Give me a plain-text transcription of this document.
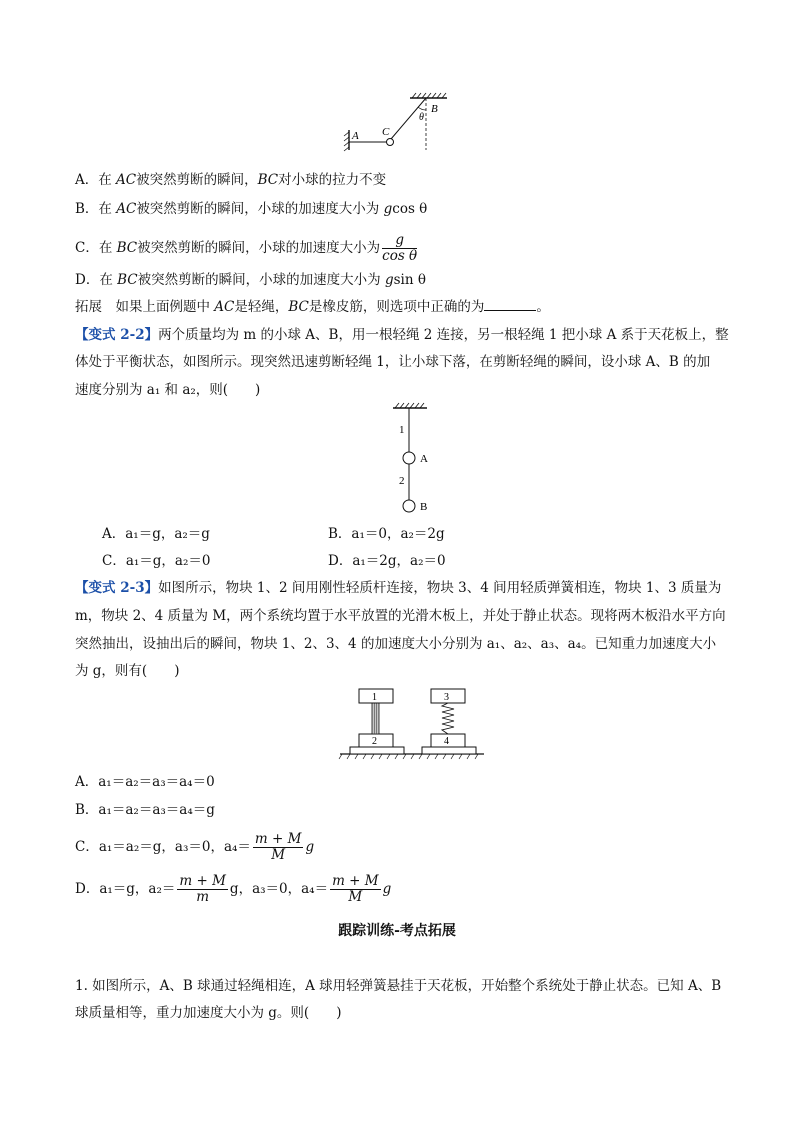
A C
B
θ
A．在 AC被突然剪断的瞬间，BC对小球的拉力不变
B．在 AC被突然剪断的瞬间，小球的加速度大小为 gcos θ
C．在 BC被突然剪断的瞬间，小球的加速度大小为 $\frac{g}{\text{cos θ}}$
D．在 BC被突然剪断的瞬间，小球的加速度大小为 gsin θ
拓展　如果上面例题中 AC是轻绳，BC是橡皮筋，则选项中正确的为	。
【变式 2-2】两个质量均为 m 的小球 A、B，用一根轻绳 2 连接，另一根轻绳 1 把小球 A 系于天花板上，整
体处于平衡状态，如图所示。现突然迅速剪断轻绳 1，让小球下落，在剪断轻绳的瞬间，设小球 A、B 的加
速度分别为 a₁ 和 a₂，则(　　)
1
A
2
B
A．a₁＝g，a₂＝g	B．a₁＝0，a₂＝2g
C．a₁＝g，a₂＝0	D．a₁＝2g，a₂＝0
【变式 2-3】如图所示，物块 1、2 间用刚性轻质杆连接，物块 3、4 间用轻质弹簧相连，物块 1、3 质量为
m，物块 2、4 质量为 M，两个系统均置于水平放置的光滑木板上，并处于静止状态。现将两木板沿水平方向
突然抽出，设抽出后的瞬间，物块 1、2、3、4 的加速度大小分别为 a₁、a₂、a₃、a₄。已知重力加速度大小
为 g，则有(　　)
1
2
3
4
A．a₁＝a₂＝a₃＝a₄＝0
B．a₁＝a₂＝a₃＝a₄＝g
C．a₁＝a₂＝g，a₃＝0，$a_4= \frac{m + M}{M}$ g
D．a₁＝g，$a_2= \frac{m + M}{m}$ g，a₃＝0，$a_4= \frac{m + M}{M}$ g
跟踪训练-考点拓展
1. 如图所示，A、B 球通过轻绳相连，A 球用轻弹簧悬挂于天花板，开始整个系统处于静止状态。已知 A、B
球质量相等，重力加速度大小为 g。则(　　)
